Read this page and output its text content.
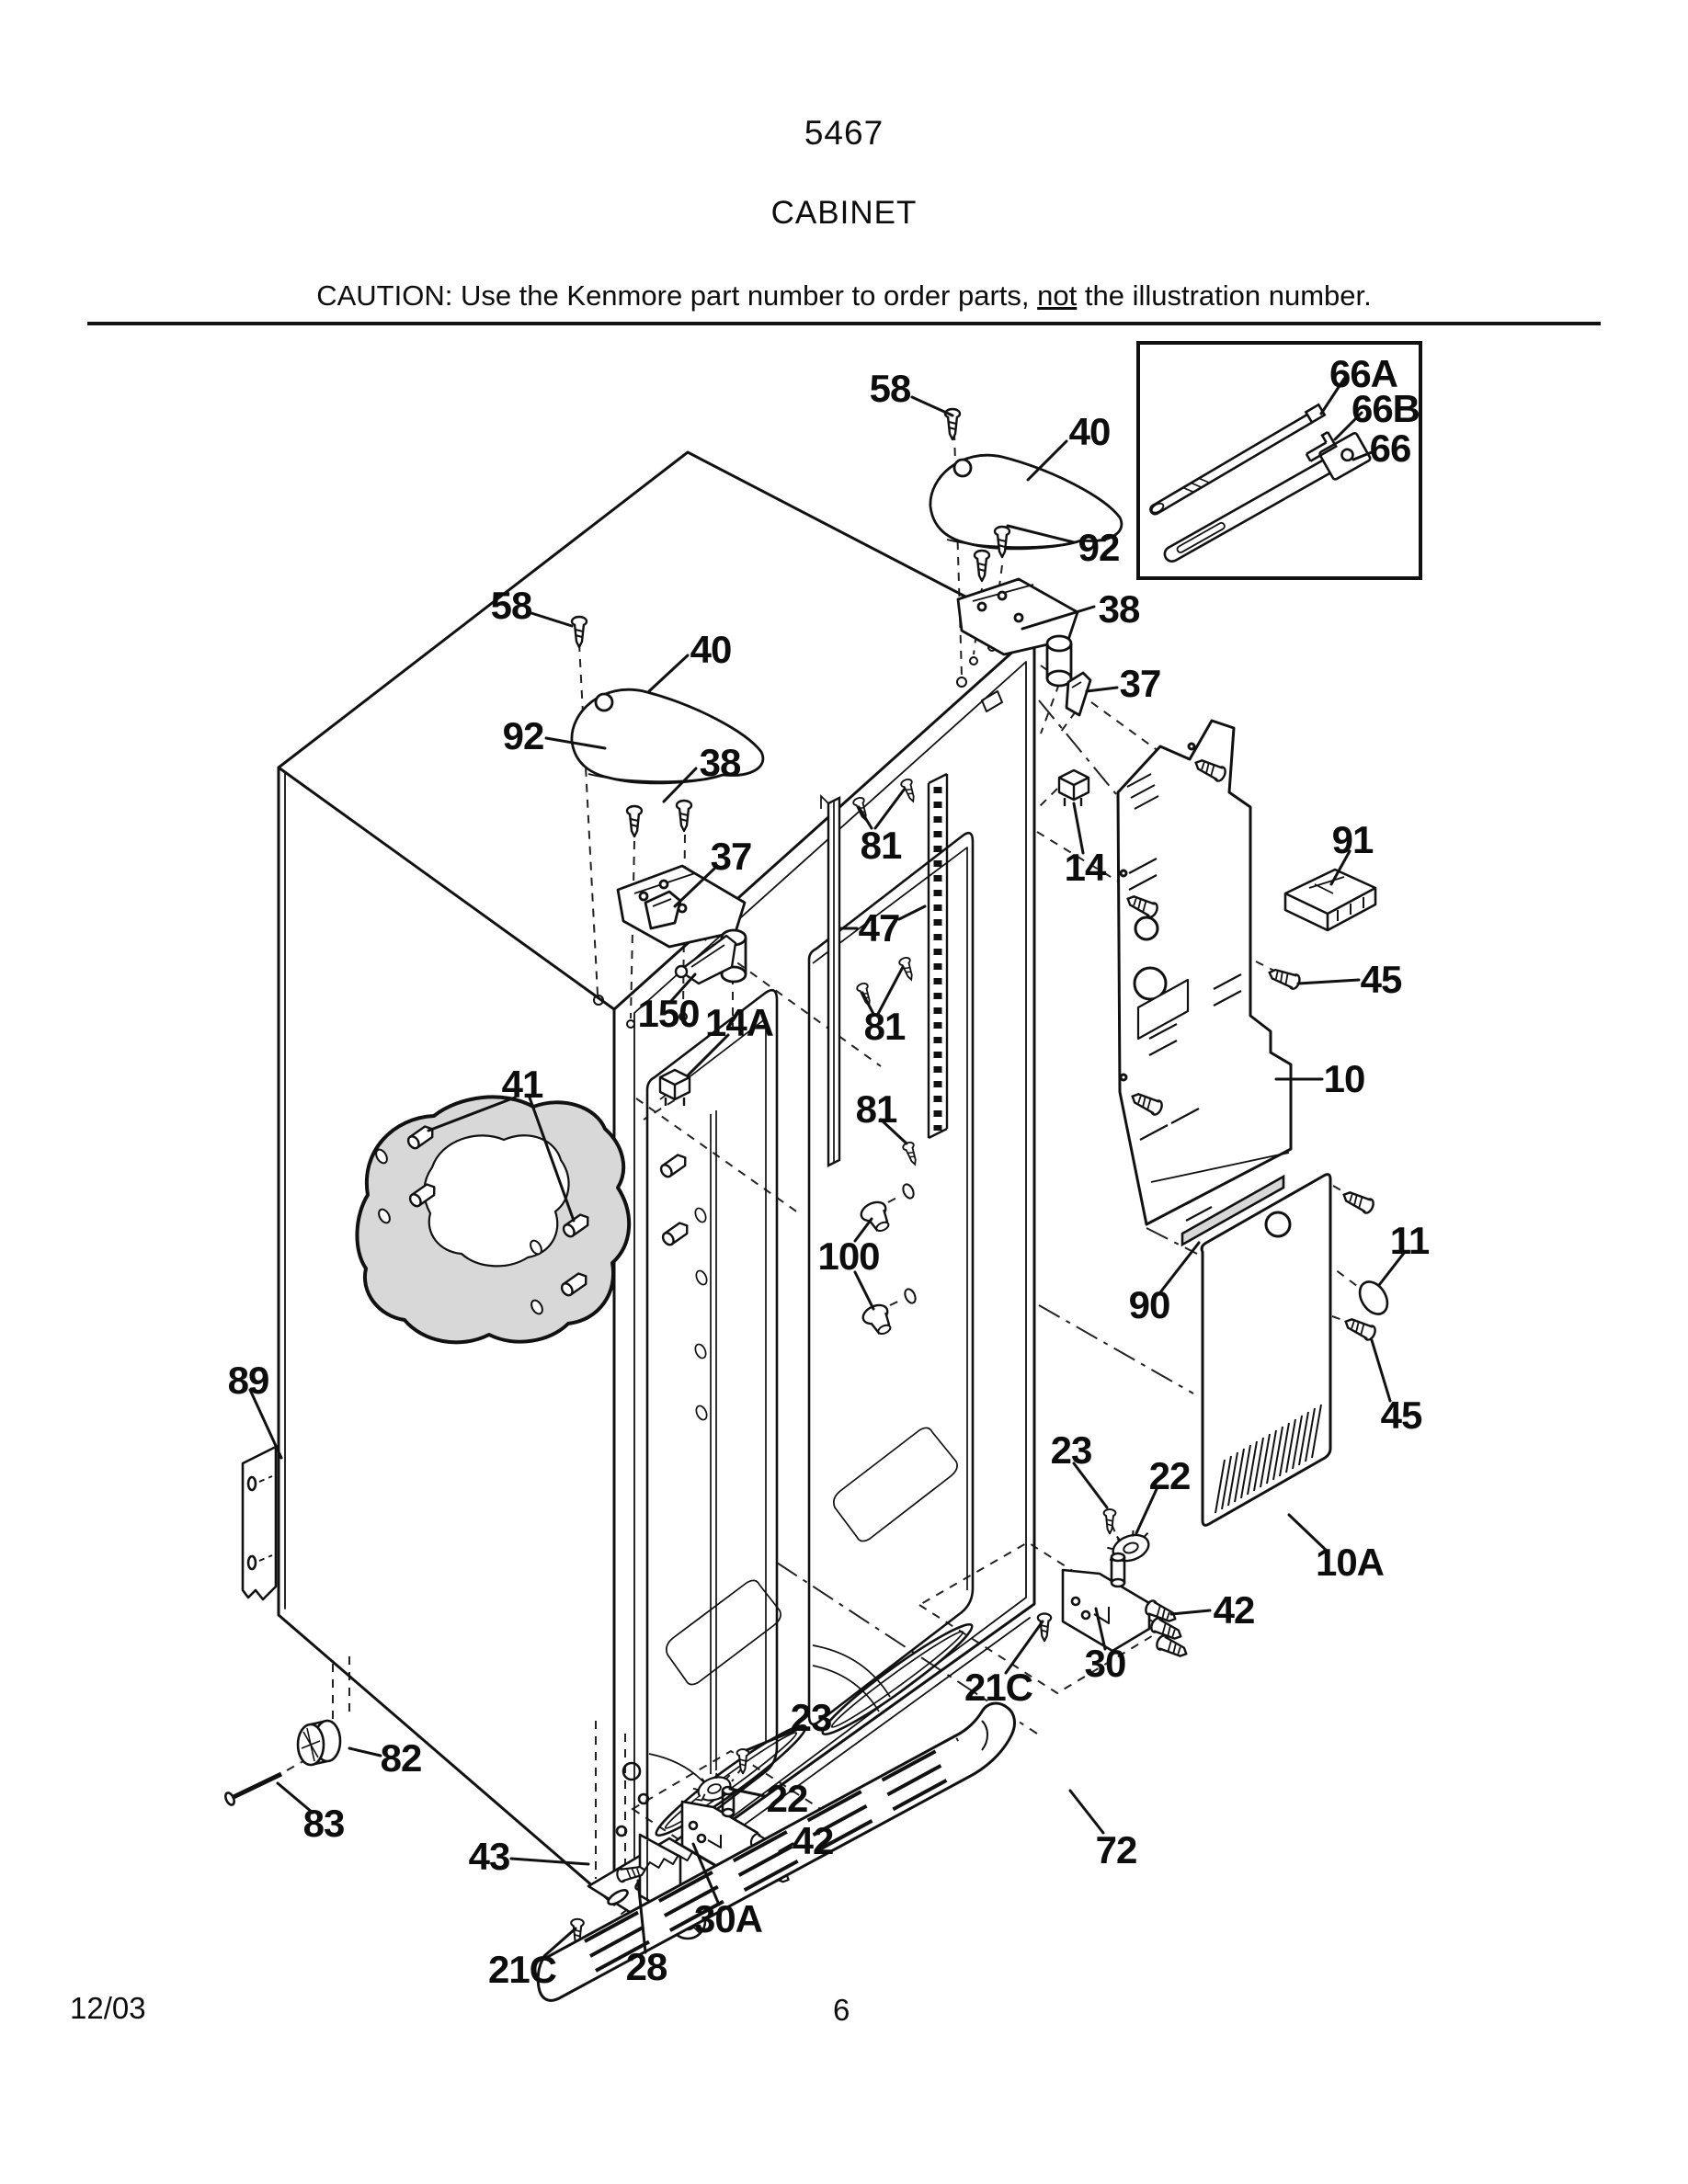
5467
CABINET
CAUTION: Use the Kenmore part number to order parts, not the illustration number.
58
40
92
38
37
66A
66B
66
58
40
92
38
37	81
47
14
91
45
150 14A 81
81
10
41
100
90
11
45
89
23
22
10A
42
30
21C
23
22
82
83
43	42
30A
72
21C 28
12/03	6
